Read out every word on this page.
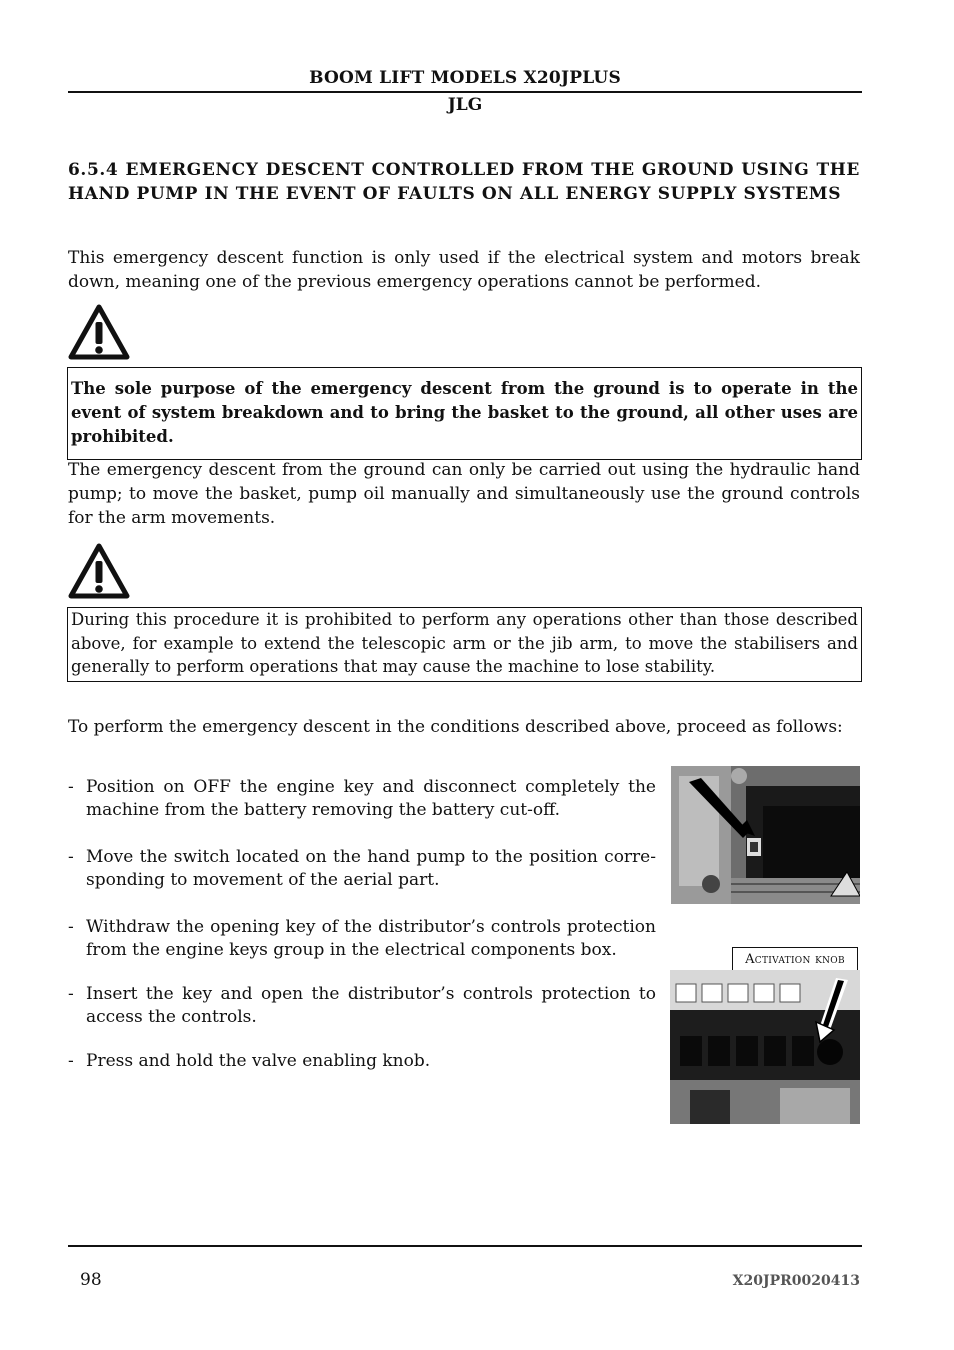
BOOM LIFT MODELS X20JPLUS
JLG
6.5.4 EMERGENCY DESCENT CONTROLLED FROM THE GROUND USING THE HAND PUMP IN THE EVENT OF FAULTS ON ALL ENERGY SUPPLY SYSTEMS
This emergency descent function is only used if the electrical system and motors break down, meaning one of the previous emergency operations cannot be performed.
The sole purpose of the emergency descent from the ground is to operate in the event of system breakdown and to bring the basket to the ground, all other uses are prohibited.
The emergency descent from the ground can only be carried out using the hydraulic hand pump; to move the basket, pump oil manually and simultaneously use the ground controls for the arm movements.
During this procedure it is prohibited to perform any operations other than those described above, for example to extend the telescopic arm or the jib arm, to move the stabilisers and generally to perform operations that may cause the machine to lose stability.
To perform the emergency descent in the conditions described above, proceed as follows:
- Position on OFF the engine key and disconnect completely the machine from the battery removing the battery cut-off.
- Move the switch located on the hand pump to the position corre-sponding to movement of the aerial part.
- Withdraw the opening key of the distributor’s controls protection from the engine keys group in the electrical components box.
- Insert the key and open the distributor’s controls protection to access the controls.
- Press and hold the valve enabling knob.
Activation knob
98	X20JPR0020413
